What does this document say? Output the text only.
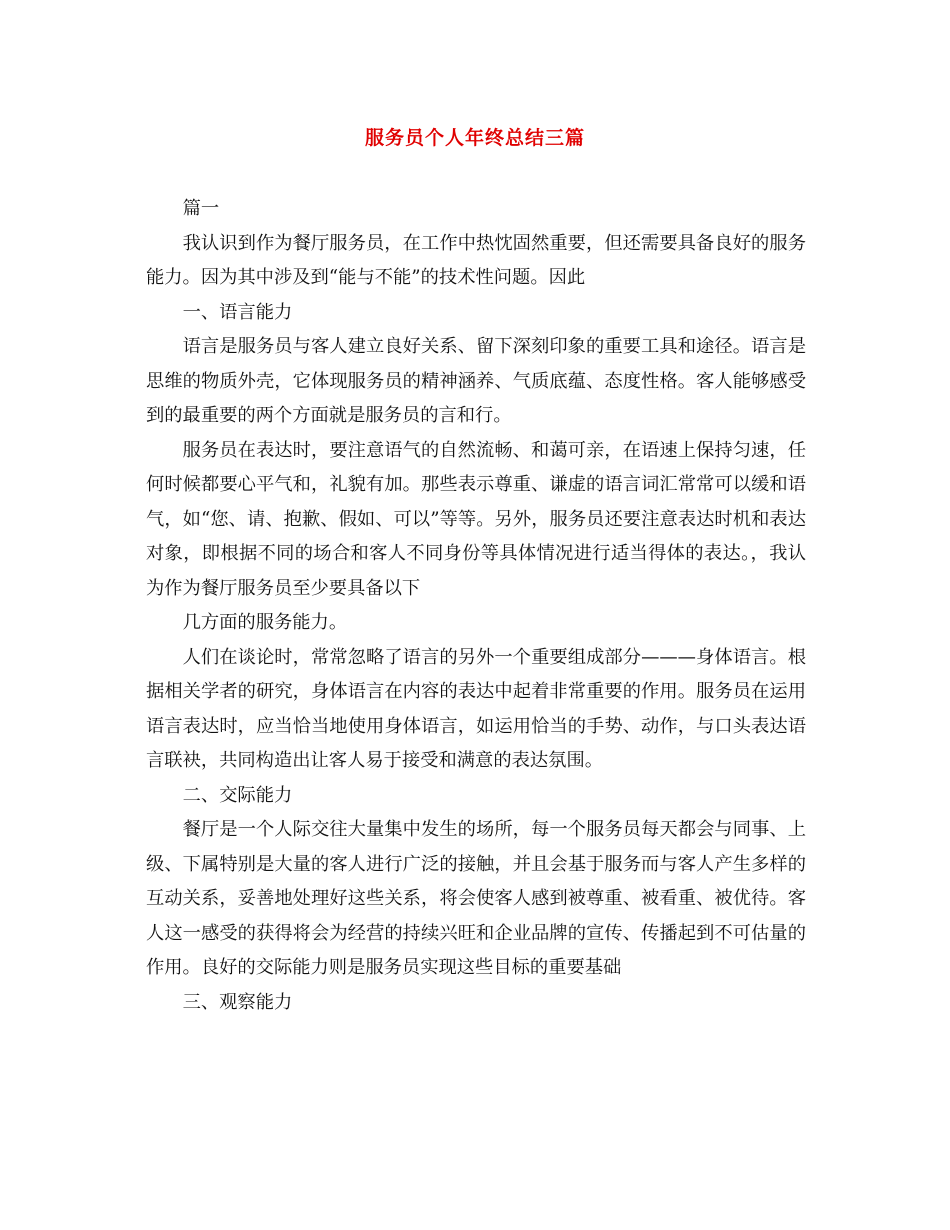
服务员个人年终总结三篇

篇一

我认识到作为餐厅服务员，在工作中热忱固然重要，但还需要具备良好的服务能力。因为其中涉及到“能与不能”的技术性问题。因此

一、语言能力

语言是服务员与客人建立良好关系、留下深刻印象的重要工具和途径。语言是思维的物质外壳，它体现服务员的精神涵养、气质底蕴、态度性格。客人能够感受到的最重要的两个方面就是服务员的言和行。

服务员在表达时，要注意语气的自然流畅、和蔼可亲，在语速上保持匀速，任何时候都要心平气和，礼貌有加。那些表示尊重、谦虚的语言词汇常常可以缓和语气，如“您、请、抱歉、假如、可以”等等。另外，服务员还要注意表达时机和表达对象，即根据不同的场合和客人不同身份等具体情况进行适当得体的表达。，我认为作为餐厅服务员至少要具备以下

几方面的服务能力。

人们在谈论时，常常忽略了语言的另外一个重要组成部分———身体语言。根据相关学者的研究，身体语言在内容的表达中起着非常重要的作用。服务员在运用语言表达时，应当恰当地使用身体语言，如运用恰当的手势、动作，与口头表达语言联袂，共同构造出让客人易于接受和满意的表达氛围。

二、交际能力

餐厅是一个人际交往大量集中发生的场所，每一个服务员每天都会与同事、上级、下属特别是大量的客人进行广泛的接触，并且会基于服务而与客人产生多样的互动关系，妥善地处理好这些关系，将会使客人感到被尊重、被看重、被优待。客人这一感受的获得将会为经营的持续兴旺和企业品牌的宣传、传播起到不可估量的作用。良好的交际能力则是服务员实现这些目标的重要基础

三、观察能力
